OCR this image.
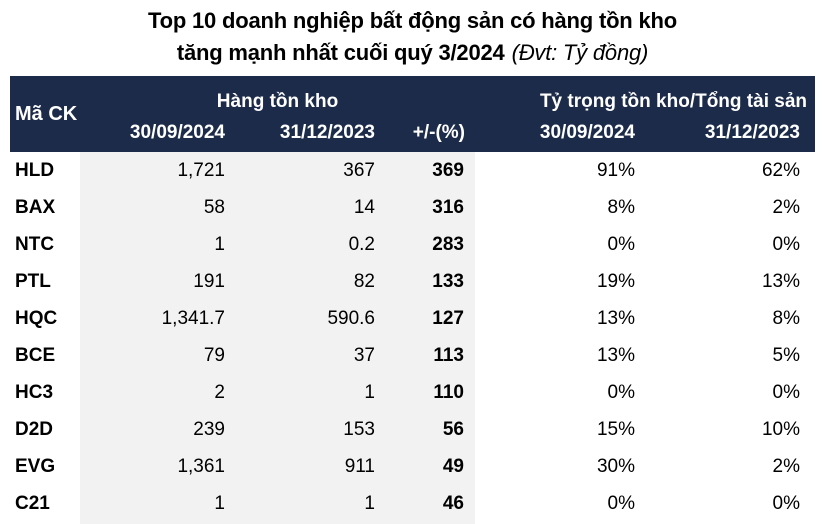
Top 10 doanh nghiệp bất động sản có hàng tồn kho
tăng mạnh nhất cuối quý 3/2024 (Đvt: Tỷ đồng)
Mã CK
Hàng tồn kho	Tỷ trọng tồn kho/Tổng tài sản
30/09/2024	31/12/2023	+/-(%)	30/09/2024	31/12/2023
HLD	1,721	367	369	91%	62%
BAX	58	14	316	8%	2%
NTC	1	0.2	283	0%	0%
PTL	191	82	133	19%	13%
HQC	1,341.7	590.6	127	13%	8%
BCE	79	37	113	13%	5%
HC3	2	1	110	0%	0%
D2D	239	153	56	15%	10%
EVG	1,361	911	49	30%	2%
C21	1	1	46	0%	0%
